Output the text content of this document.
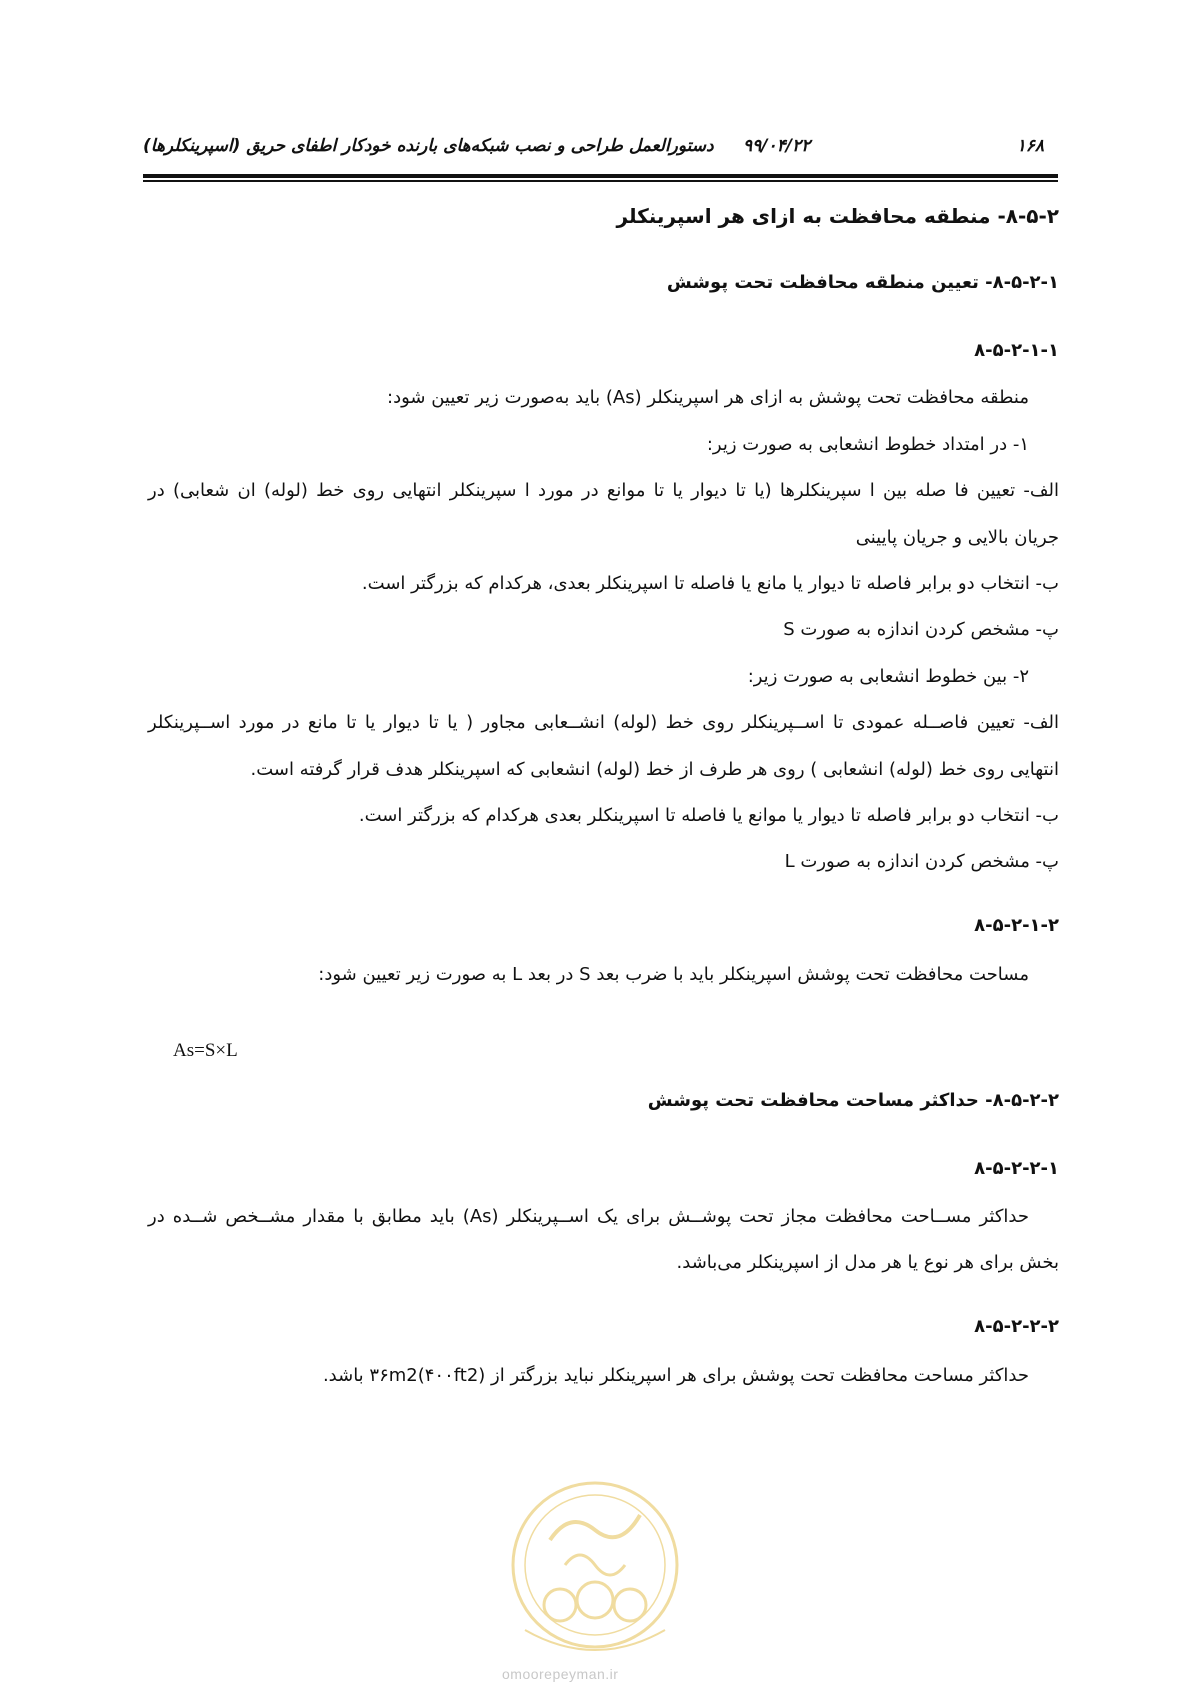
۱۶۸
۹۹/۰۴/۲۲
دستورالعمل طراحی و نصب شبکه‌های بارنده خودکار اطفای حریق (اسپرینکلرها)
۸-۵-۲- منطقه محافظت به ازای هر اسپرینکلر
۸-۵-۲-۱- تعیین منطقه محافظت تحت پوشش
۸-۵-۲-۱-۱
منطقه محافظت تحت پوشش به ازای هر اسپرینکلر (As) باید به‌صورت زیر تعیین شود:
۱- در امتداد خطوط انشعابی به صورت زیر:
الف- تعیین فا صله بین ا سپرینکلرها (یا تا دیوار یا تا موانع در مورد ا سپرینکلر انتهایی روی خط (لوله) ان شعابی) در
جریان بالایی و جریان پایینی
ب- انتخاب دو برابر فاصله تا دیوار یا مانع یا فاصله تا اسپرینکلر بعدی، هرکدام که بزرگتر است.
پ- مشخص کردن اندازه به صورت S
۲- بین خطوط انشعابی به صورت زیر:
الف- تعیین فاصــله عمودی تا اســپرینکلر روی خط (لوله) انشــعابی مجاور ( یا تا دیوار یا تا مانع در مورد اســپرینکلر
انتهایی روی خط (لوله) انشعابی ) روی هر طرف از خط (لوله) انشعابی که اسپرینکلر هدف قرار گرفته است.
ب- انتخاب دو برابر فاصله تا دیوار یا موانع یا فاصله تا اسپرینکلر بعدی هرکدام که بزرگتر است.
پ- مشخص کردن اندازه به صورت L
۸-۵-۲-۱-۲
مساحت محافظت تحت پوشش اسپرینکلر باید با ضرب بعد S در بعد L به صورت زیر تعیین شود:
As=S×L
۸-۵-۲-۲- حداکثر مساحت محافظت تحت پوشش
۸-۵-۲-۲-۱
حداکثر مســاحت محافظت مجاز تحت پوشــش برای یک اســپرینکلر (As) باید مطابق با مقدار مشــخص شــده در
بخش برای هر نوع یا هر مدل از اسپرینکلر می‌باشد.
۸-۵-۲-۲-۲
حداکثر مساحت محافظت تحت پوشش برای هر اسپرینکلر نباید بزرگتر از ۳۶m2(۴۰۰ft2) باشد.
omoorepeyman.ir
